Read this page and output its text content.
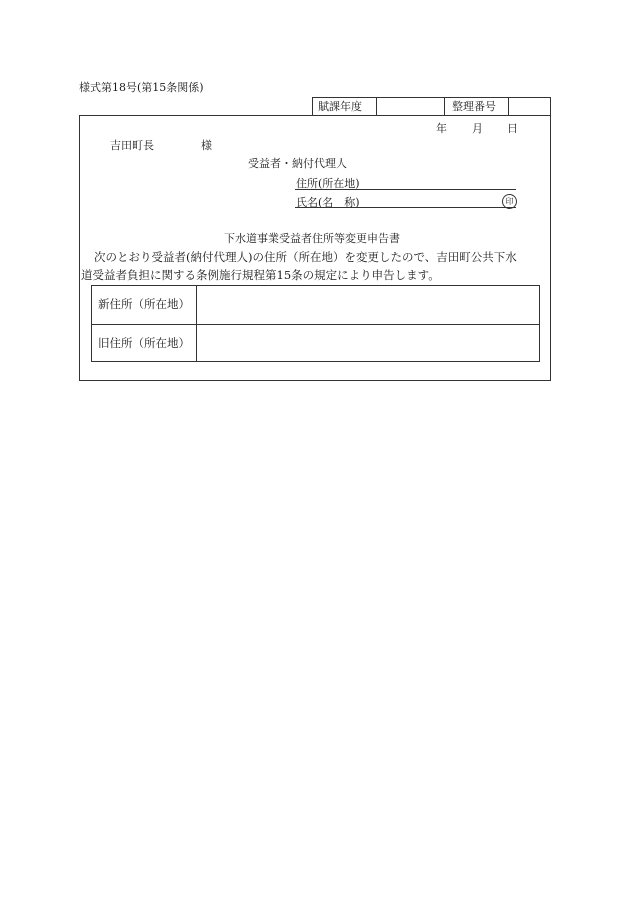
様式第18号(第15条関係)
賦課年度	整理番号
年 月 日
吉田町長	様
受益者・納付代理人
住所(所在地)
氏名(名　称)	印
下水道事業受益者住所等変更申告書
次のとおり受益者(納付代理人)の住所（所在地）を変更したので、吉田町公共下水
道受益者負担に関する条例施行規程第15条の規定により申告します。
新住所（所在地）
旧住所（所在地）
